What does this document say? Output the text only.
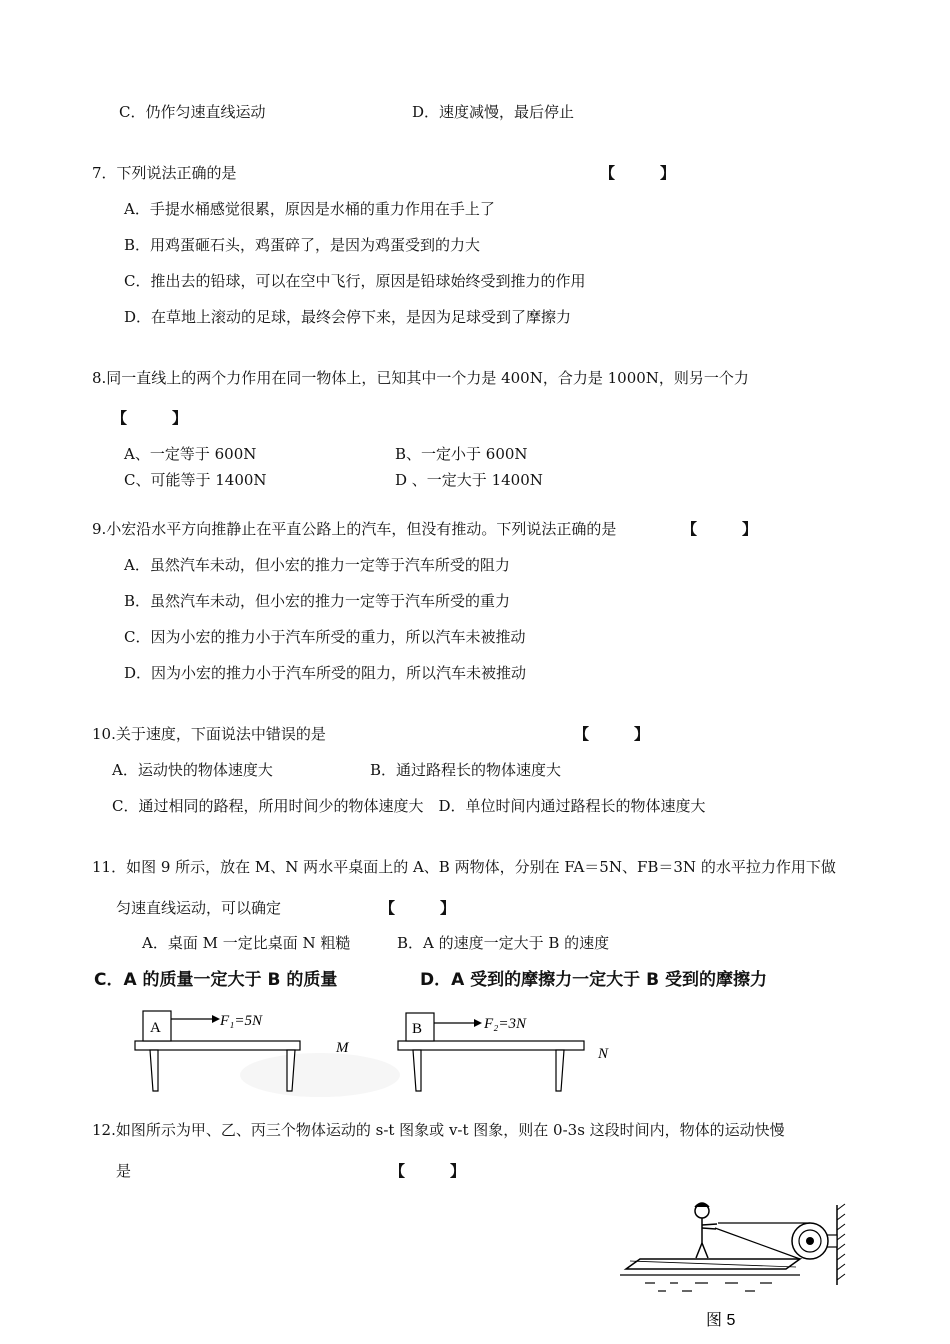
C．仍作匀速直线运动	D．速度减慢，最后停止
7．下列说法正确的是	【　　　】
A．手提水桶感觉很累，原因是水桶的重力作用在手上了
B．用鸡蛋砸石头，鸡蛋碎了，是因为鸡蛋受到的力大
C．推出去的铅球，可以在空中飞行，原因是铅球始终受到推力的作用
D．在草地上滚动的足球，最终会停下来，是因为足球受到了摩擦力
8.同一直线上的两个力作用在同一物体上，已知其中一个力是 400N，合力是 1000N，则另一个力
【　　　】
A、一定等于 600N	B、一定小于 600N
C、可能等于 1400N	D 、一定大于 1400N
9.小宏沿水平方向推静止在平直公路上的汽车，但没有推动。下列说法正确的是	【　　　】
A．虽然汽车未动，但小宏的推力一定等于汽车所受的阻力
B．虽然汽车未动，但小宏的推力一定等于汽车所受的重力
C．因为小宏的推力小于汽车所受的重力，所以汽车未被推动
D．因为小宏的推力小于汽车所受的阻力，所以汽车未被推动
10.关于速度，下面说法中错误的是	【　　　】
A．运动快的物体速度大	B．通过路程长的物体速度大
C．通过相同的路程，所用时间少的物体速度大　D．单位时间内通过路程长的物体速度大
11．如图 9 所示，放在 M、N 两水平桌面上的 A、B 两物体，分别在 FA＝5N、FB＝3N 的水平拉力作用下做
匀速直线运动，可以确定	【　　　】
A．桌面 M 一定比桌面 N 粗糙	B．A 的速度一定大于 B 的速度
C．A 的质量一定大于 B 的质量	D．A 受到的摩擦力一定大于 B 受到的摩擦力
A	F₁=5N
M
B	F₂=3N
N
12.如图所示为甲、乙、丙三个物体运动的 s-t 图象或 v-t 图象，则在 0-3s 这段时间内，物体的运动快慢
是	【　　　】
图 5
